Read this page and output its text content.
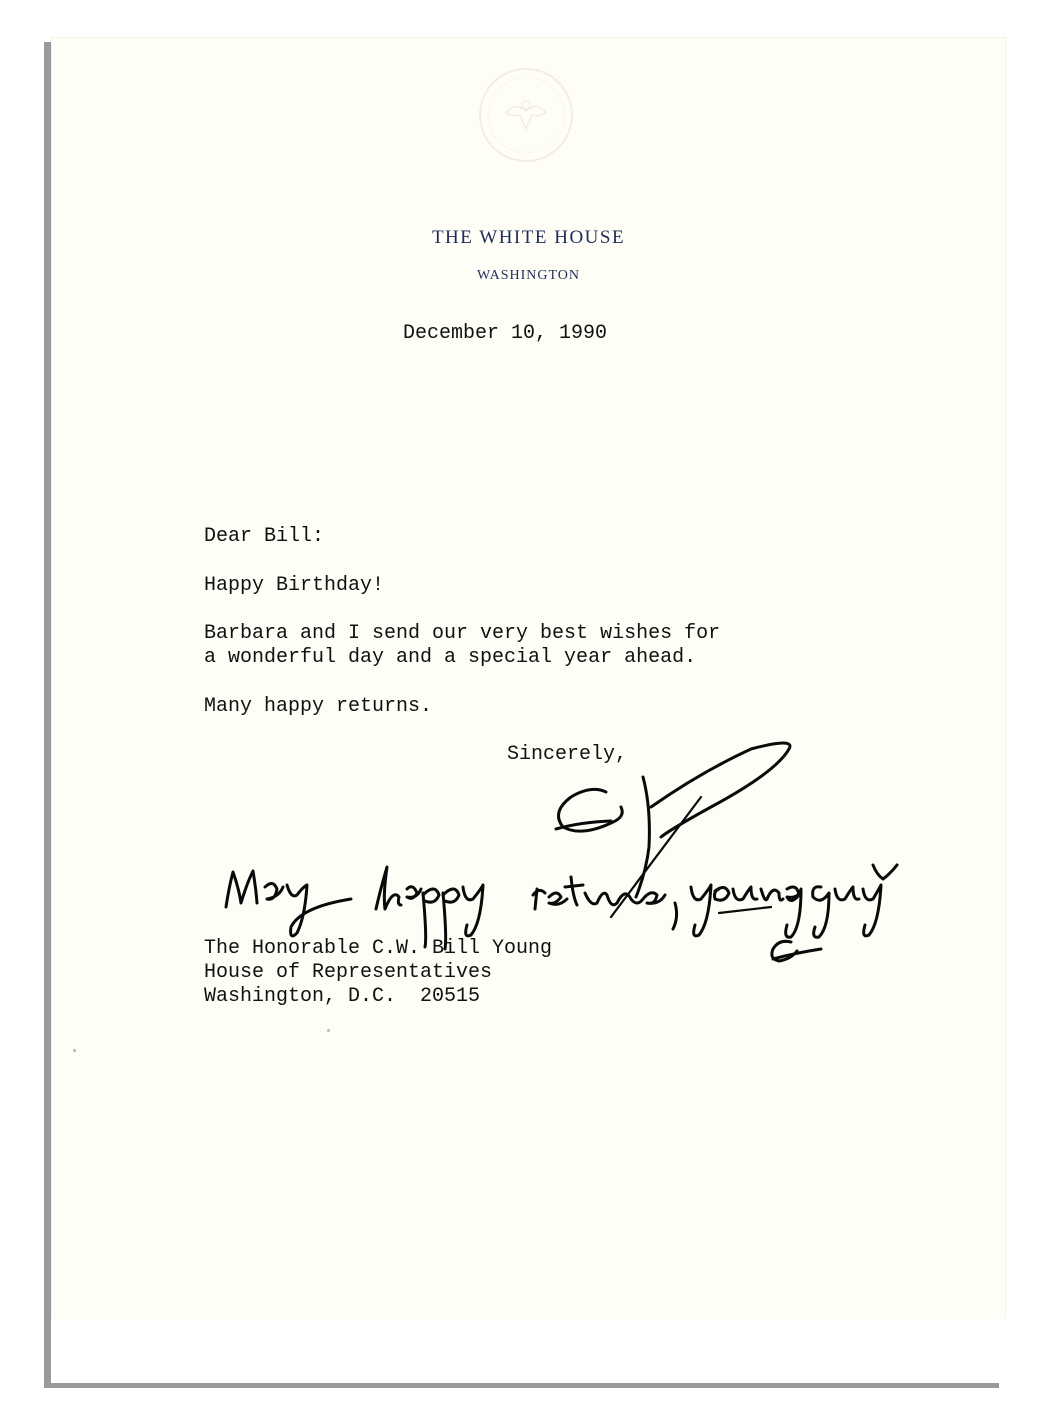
THE WHITE HOUSE
WASHINGTON
December 10, 1990
Dear Bill:
Happy Birthday!
Barbara and I send our very best wishes for
a wonderful day and a special year ahead.
Many happy returns.
Sincerely,
The Honorable C.W. Bill Young
House of Representatives
Washington, D.C.  20515
